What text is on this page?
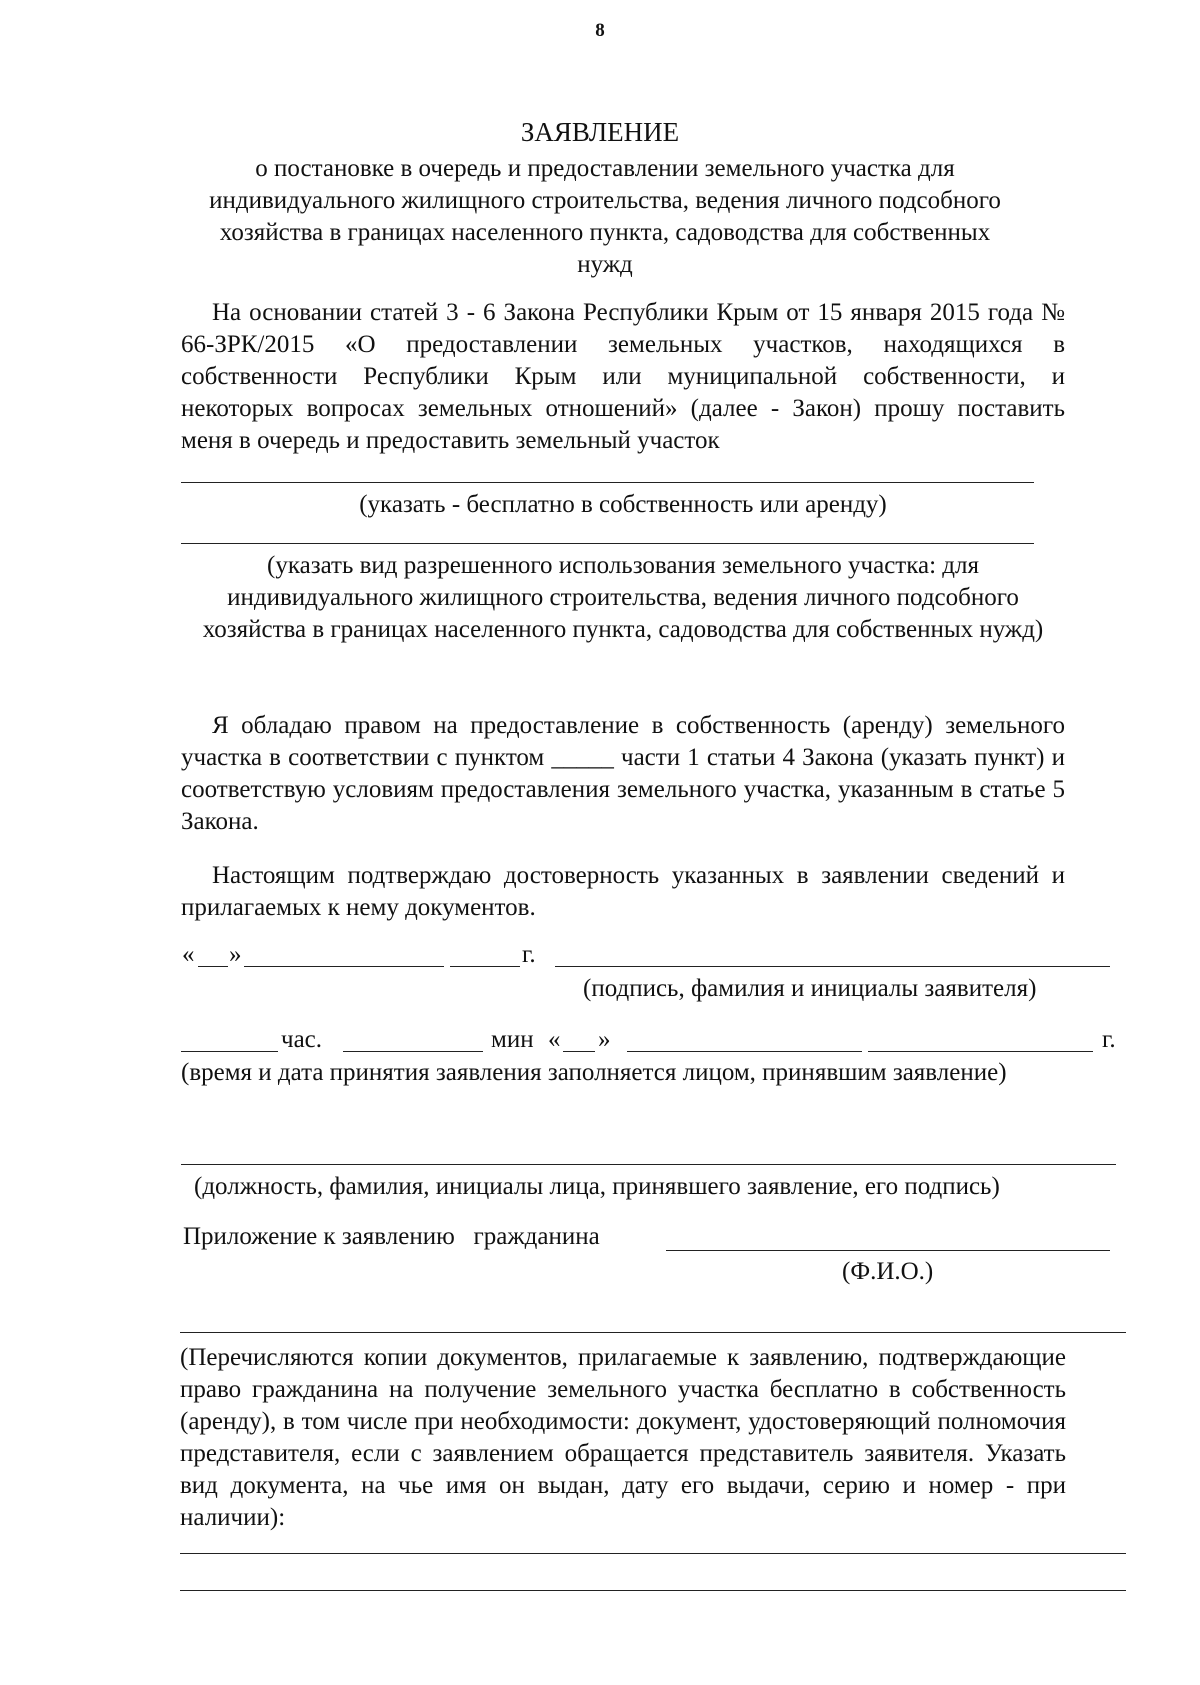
8
ЗАЯВЛЕНИЕ
о постановке в очередь и предоставлении земельного участка для индивидуального жилищного строительства, ведения личного подсобного хозяйства в границах населенного пункта, садоводства для собственных нужд
На основании статей 3 - 6 Закона Республики Крым от 15 января 2015 года № 66-ЗРК/2015 «О предоставлении земельных участков, находящихся в собственности Республики Крым или муниципальной собственности, и некоторых вопросах земельных отношений» (далее - Закон) прошу поставить меня в очередь и предоставить земельный участок
(указать - бесплатно в собственность или аренду)
(указать вид разрешенного использования земельного участка: для индивидуального жилищного строительства, ведения личного подсобного хозяйства в границах населенного пункта, садоводства для собственных нужд)
Я обладаю правом на предоставление в собственность (аренду) земельного участка в соответствии с пунктом _____ части 1 статьи 4 Закона (указать пункт) и соответствую условиям предоставления земельного участка, указанным в статье 5 Закона.
Настоящим подтверждаю достоверность указанных в заявлении сведений и прилагаемых к нему документов.
« »	г.
(подпись, фамилия и инициалы заявителя)
час.	мин « »	г.
(время и дата принятия заявления заполняется лицом, принявшим заявление)
(должность, фамилия, инициалы лица, принявшего заявление, его подпись)
Приложение к заявлению   гражданина
(Ф.И.О.)
(Перечисляются копии документов, прилагаемые к заявлению, подтверждающие право гражданина на получение земельного участка бесплатно в собственность (аренду), в том числе при необходимости: документ, удостоверяющий полномочия представителя, если с заявлением обращается представитель заявителя. Указать вид документа, на чье имя он выдан, дату его выдачи, серию и номер - при наличии):
